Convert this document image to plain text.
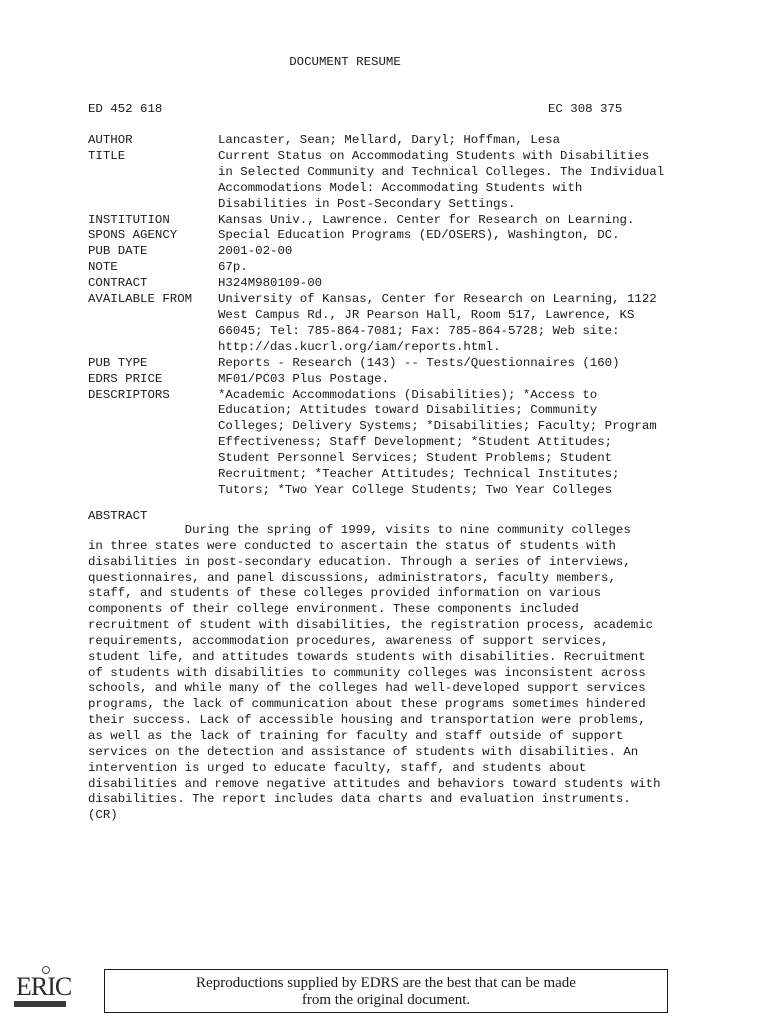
DOCUMENT RESUME
ED 452 618	EC 308 375
AUTHOR	Lancaster, Sean; Mellard, Daryl; Hoffman, Lesa
TITLE	Current Status on Accommodating Students with Disabilities
in Selected Community and Technical Colleges. The Individual
Accommodations Model: Accommodating Students with
Disabilities in Post-Secondary Settings.
INSTITUTION	Kansas Univ., Lawrence. Center for Research on Learning.
SPONS AGENCY	Special Education Programs (ED/OSERS), Washington, DC.
PUB DATE	2001-02-00
NOTE	67p.
CONTRACT	H324M980109-00
AVAILABLE FROM	University of Kansas, Center for Research on Learning, 1122
West Campus Rd., JR Pearson Hall, Room 517, Lawrence, KS
66045; Tel: 785-864-7081; Fax: 785-864-5728; Web site:
http://das.kucrl.org/iam/reports.html.
PUB TYPE	Reports - Research (143) -- Tests/Questionnaires (160)
EDRS PRICE	MF01/PC03 Plus Postage.
DESCRIPTORS	*Academic Accommodations (Disabilities); *Access to
Education; Attitudes toward Disabilities; Community
Colleges; Delivery Systems; *Disabilities; Faculty; Program
Effectiveness; Staff Development; *Student Attitudes;
Student Personnel Services; Student Problems; Student
Recruitment; *Teacher Attitudes; Technical Institutes;
Tutors; *Two Year College Students; Two Year Colleges
ABSTRACT
During the spring of 1999, visits to nine community colleges
in three states were conducted to ascertain the status of students with
disabilities in post-secondary education. Through a series of interviews,
questionnaires, and panel discussions, administrators, faculty members,
staff, and students of these colleges provided information on various
components of their college environment. These components included
recruitment of student with disabilities, the registration process, academic
requirements, accommodation procedures, awareness of support services,
student life, and attitudes towards students with disabilities. Recruitment
of students with disabilities to community colleges was inconsistent across
schools, and while many of the colleges had well-developed support services
programs, the lack of communication about these programs sometimes hindered
their success. Lack of accessible housing and transportation were problems,
as well as the lack of training for faculty and staff outside of support
services on the detection and assistance of students with disabilities. An
intervention is urged to educate faculty, staff, and students about
disabilities and remove negative attitudes and behaviors toward students with
disabilities. The report includes data charts and evaluation instruments.
(CR)
Reproductions supplied by EDRS are the best that can be made
from the original document.
ERIC
